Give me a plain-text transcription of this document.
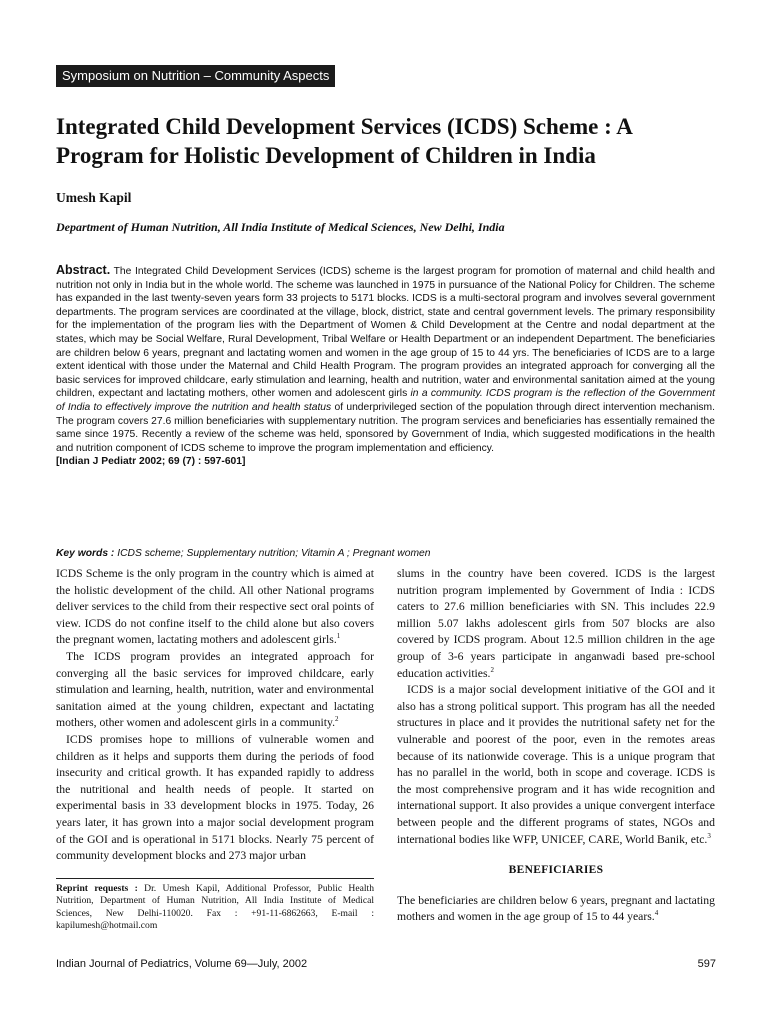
Symposium on Nutrition – Community Aspects
Integrated Child Development Services (ICDS) Scheme : A Program for Holistic Development of Children in India

Umesh Kapil

Department of Human Nutrition, All India Institute of Medical Sciences, New Delhi, India

Abstract. The Integrated Child Development Services (ICDS) scheme is the largest program for promotion of maternal and child health and nutrition not only in India but in the whole world. The scheme was launched in 1975 in pursuance of the National Policy for Children. The scheme has expanded in the last twenty-seven years form 33 projects to 5171 blocks. ICDS is a multi-sectoral program and involves several government departments. The program services are coordinated at the village, block, district, state and central government levels. The primary responsibility for the implementation of the program lies with the Department of Women & Child Development at the Centre and nodal department at the states, which may be Social Welfare, Rural Development, Tribal Welfare or Health Department or an independent Department. The beneficiaries are children below 6 years, pregnant and lactating women and women in the age group of 15 to 44 yrs. The beneficiaries of ICDS are to a large extent identical with those under the Maternal and Child Health Program. The program provides an integrated approach for converging all the basic services for improved childcare, early stimulation and learning, health and nutrition, water and environmental sanitation aimed at the young children, expectant and lactating mothers, other women and adolescent girls in a community. ICDS program is the reflection of the Government of India to effectively improve the nutrition and health status of underprivileged section of the population through direct intervention mechanism. The program covers 27.6 million beneficiaries with supplementary nutrition. The program services and beneficiaries has essentially remained the same since 1975. Recently a review of the scheme was held, sponsored by Government of India, which suggested modifications in the health and nutrition component of ICDS scheme to improve the program implementation and efficiency.
[Indian J Pediatr 2002; 69 (7) : 597-601]

Key words : ICDS scheme; Supplementary nutrition; Vitamin A ; Pregnant women

ICDS Scheme is the only program in the country which is aimed at the holistic development of the child. All other National programs deliver services to the child from their respective sect oral points of view. ICDS do not confine itself to the child alone but also covers the pregnant women, lactating mothers and adolescent girls.$^1$

The ICDS program provides an integrated approach for converging all the basic services for improved childcare, early stimulation and learning, health, nutrition, water and environmental sanitation aimed at the young children, expectant and lactating mothers, other women and adolescent girls in a community.$^2$

ICDS promises hope to millions of vulnerable women and children as it helps and supports them during the periods of food insecurity and critical growth. It has expanded rapidly to address the nutritional and health needs of people. It started on experimental basis in 33 development blocks in 1975. Today, 26 years later, it has grown into a major social development program of the GOI and is operational in 5171 blocks. Nearly 75 percent of community development blocks and 273 major urban

slums in the country have been covered. ICDS is the largest nutrition program implemented by Government of India : ICDS caters to 27.6 million beneficiaries with SN. This includes 22.9 million 5.07 lakhs adolescent girls from 507 blocks are also covered by ICDS program. About 12.5 million children in the age group of 3-6 years participate in anganwadi based pre-school education activities.$^2$

ICDS is a major social development initiative of the GOI and it also has a strong political support. This program has all the needed structures in place and it provides the nutritional safety net for the vulnerable and poorest of the poor, even in the remotes areas because of its nationwide coverage. This is a unique program that has no parallel in the world, both in scope and coverage. ICDS is the most comprehensive program and it has wide recognition and international support. It also provides a unique convergent interface between people and the different programs of states, NGOs and international bodies like WFP, UNICEF, CARE, World Banik, etc.$^3$

BENEFICIARIES

The beneficiaries are children below 6 years, pregnant and lactating mothers and women in the age group of 15 to 44 years.$^4$

Reprint requests : Dr. Umesh Kapil, Additional Professor, Public Health Nutrition, Department of Human Nutrition, All India Institute of Medical Sciences, New Delhi-110020. Fax : +91-11-6862663, E-mail : kapilumesh@hotmail.com

Indian Journal of Pediatrics, Volume 69—July, 2002	597
